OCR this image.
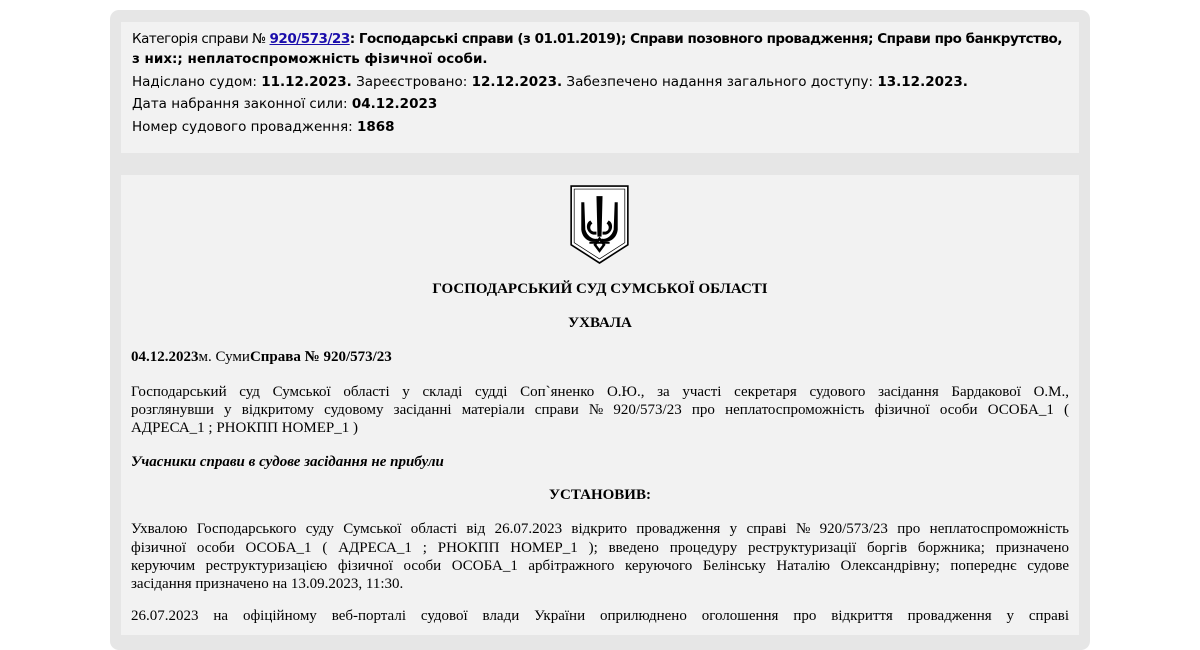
Категорія справи № 920/573/23: Господарські справи (з 01.01.2019); Справи позовного провадження; Справи про банкрутство,
з них:; неплатоспроможність фізичної особи.
Надіслано судом: 11.12.2023. Зареєстровано: 12.12.2023. Забезпечено надання загального доступу: 13.12.2023.
Дата набрання законної сили: 04.12.2023
Номер судового провадження: 1868
ГОСПОДАРСЬКИЙ СУД СУМСЬКОЇ ОБЛАСТІ
УХВАЛА
04.12.2023м. СумиСправа № 920/573/23
Господарський суд Сумської області у складі судді Соп`яненко О.Ю., за участі секретаря судового засідання Бардакової О.М.,
розглянувши у відкритому судовому засіданні матеріали справи № 920/573/23 про неплатоспроможність фізичної особи ОСОБА_1 (
АДРЕСА_1 ; РНОКПП НОМЕР_1 )
Учасники справи в судове засідання не прибули
УСТАНОВИВ:
Ухвалою Господарського суду Сумської області від 26.07.2023 відкрито провадження у справі № 920/573/23 про неплатоспроможність
фізичної особи ОСОБА_1 ( АДРЕСА_1 ; РНОКПП НОМЕР_1 ); введено процедуру реструктуризації боргів боржника; призначено
керуючим реструктуризацією фізичної особи ОСОБА_1 арбітражного керуючого Белінську Наталію Олександрівну; попереднє судове
засідання призначено на 13.09.2023, 11:30.
26.07.2023 на офіційному веб-порталі судової влади України оприлюднено оголошення про відкриття провадження у справі
